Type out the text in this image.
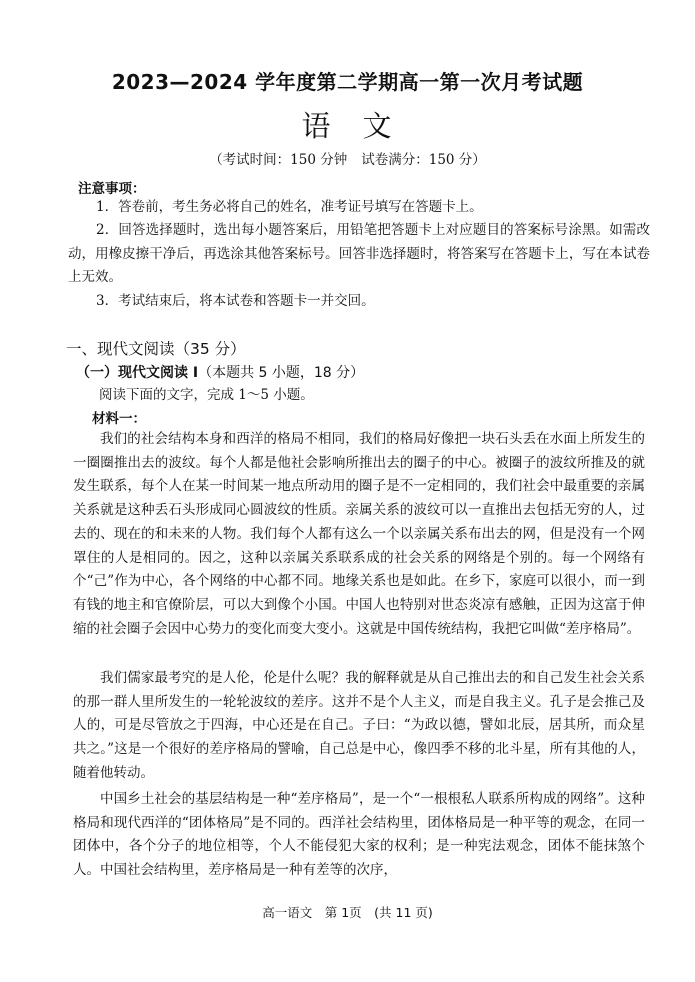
2023—2024 学年度第二学期高一第一次月考试题
语 文
（考试时间：150 分钟 试卷满分：150 分）
注意事项：
1．答卷前，考生务必将自己的姓名，准考证号填写在答题卡上。
2．回答选择题时，选出每小题答案后，用铅笔把答题卡上对应题目的答案标号涂黑。如需改动，用橡皮擦干净后，再选涂其他答案标号。回答非选择题时，将答案写在答题卡上，写在本试卷上无效。
3．考试结束后，将本试卷和答题卡一并交回。
一、现代文阅读（35 分）
（一）现代文阅读 I（本题共 5 小题，18 分）
阅读下面的文字，完成 1～5 小题。
材料一：

我们的社会结构本身和西洋的格局不相同，我们的格局好像把一块石头丢在水面上所发生的一圈圈推出去的波纹。每个人都是他社会影响所推出去的圈子的中心。被圈子的波纹所推及的就发生联系，每个人在某一时间某一地点所动用的圈子是不一定相同的，我们社会中最重要的亲属关系就是这种丢石头形成同心圆波纹的性质。亲属关系的波纹可以一直推出去包括无穷的人，过去的、现在的和未来的人物。我们每个人都有这么一个以亲属关系布出去的网，但是没有一个网罩住的人是相同的。因之，这种以亲属关系联系成的社会关系的网络是个别的。每一个网络有个“己”作为中心，各个网络的中心都不同。地缘关系也是如此。在乡下，家庭可以很小，而一到有钱的地主和官僚阶层，可以大到像个小国。中国人也特别对世态炎凉有感触，正因为这富于伸缩的社会圈子会因中心势力的变化而变大变小。这就是中国传统结构，我把它叫做“差序格局”。

我们儒家最考究的是人伦，伦是什么呢？我的解释就是从自己推出去的和自己发生社会关系的那一群人里所发生的一轮轮波纹的差序。这并不是个人主义，而是自我主义。孔子是会推己及人的，可是尽管放之于四海，中心还是在自己。子曰：“为政以德，譬如北辰，居其所，而众星共之。”这是一个很好的差序格局的譬喻，自己总是中心，像四季不移的北斗星，所有其他的人，随着他转动。

中国乡土社会的基层结构是一种“差序格局”，是一个“一根根私人联系所构成的网络”。这种格局和现代西洋的“团体格局”是不同的。西洋社会结构里，团体格局是一种平等的观念，在同一团体中，各个分子的地位相等，个人不能侵犯大家的权利；是一种宪法观念，团体不能抹煞个人。中国社会结构里，差序格局是一种有差等的次序，

高一语文　第 1页　(共 11 页)
